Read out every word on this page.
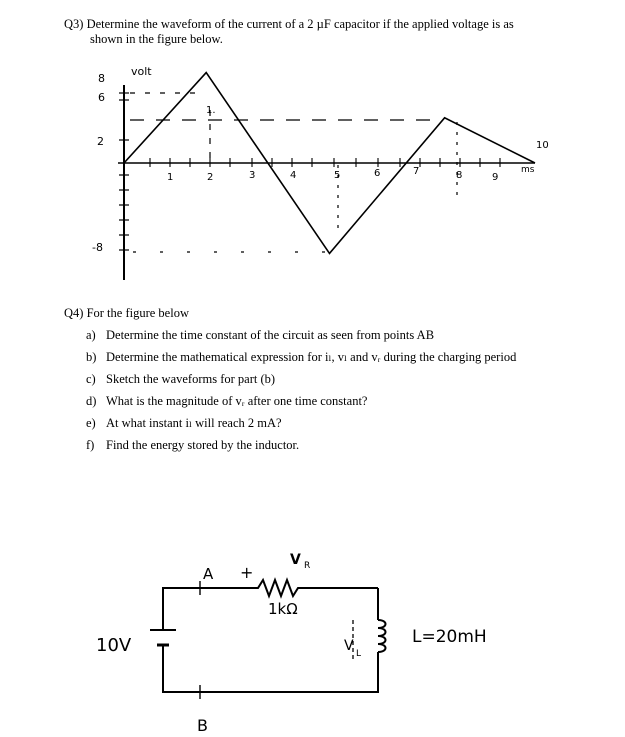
Q3) Determine the waveform of the current of a 2 µF capacitor if the applied voltage is as
shown in the figure below.
8
6
2
-8
volt
1.
1	2	3	4	5	6	7	8	9
10
ms
Q4) For the figure below
a) Determine the time constant of the circuit as seen from points AB
b) Determine the mathematical expression for iₗ, vₗ and vᵣ during the charging period
c) Sketch the waveforms for part (b)
d) What is the magnitude of vᵣ after one time constant?
e) At what instant iₗ will reach 2 mA?
f) Find the energy stored by the inductor.
10V
+
A
B
1kΩ
V R
V L
L=20mH
